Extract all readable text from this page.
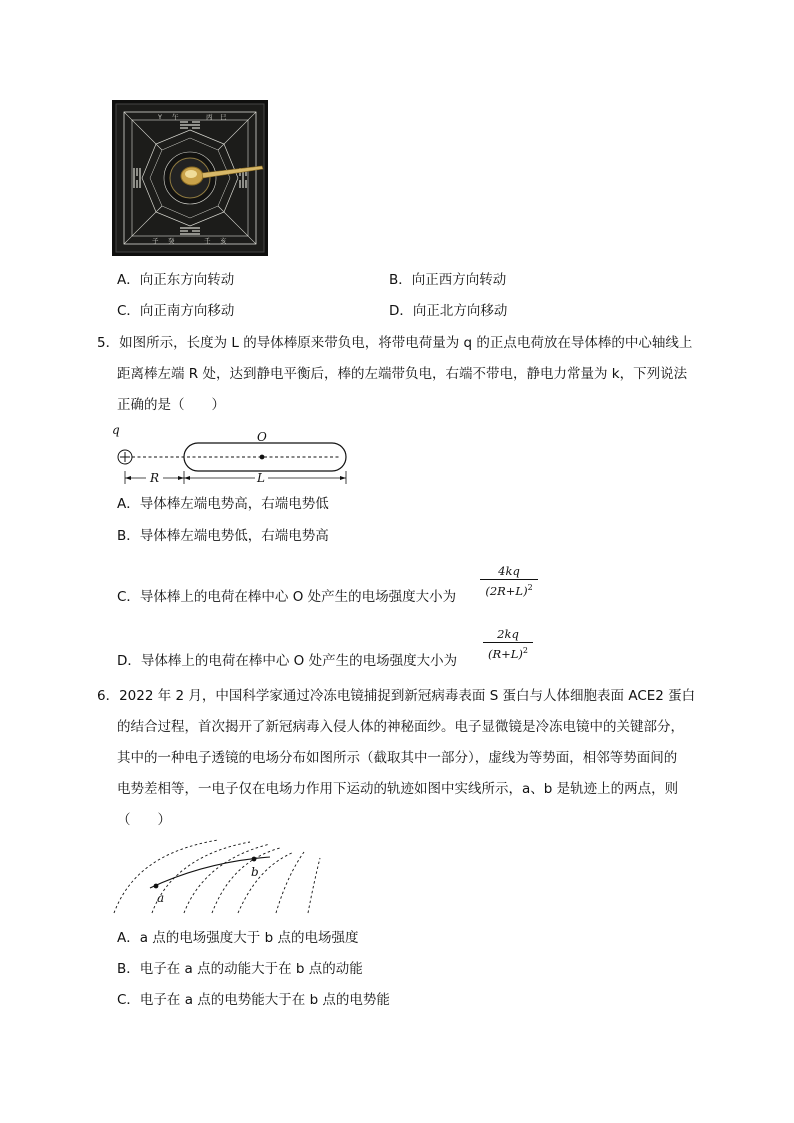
Y 午	丙 巳
子 癸	壬 亥
A．向正东方向转动	B．向正西方向转动
C．向正南方向移动	D．向正北方向移动
5．如图所示，长度为 L 的导体棒原来带负电，将带电荷量为 q 的正点电荷放在导体棒的中心轴线上
距离棒左端 R 处，达到静电平衡后，棒的左端带负电，右端不带电，静电力常量为 k，下列说法
正确的是（　　）
q	O
R	L
A．导体棒左端电势高，右端电势低
B．导体棒左端电势低，右端电势高
C．导体棒上的电荷在棒中心 O 处产生的电场强度大小为
4kq
$(2R+L)^2$
D．导体棒上的电荷在棒中心 O 处产生的电场强度大小为
2kq
$(R+L)^2$
6．2022 年 2 月，中国科学家通过冷冻电镜捕捉到新冠病毒表面 S 蛋白与人体细胞表面 ACE2 蛋白
的结合过程，首次揭开了新冠病毒入侵人体的神秘面纱。电子显微镜是冷冻电镜中的关键部分，
其中的一种电子透镜的电场分布如图所示（截取其中一部分），虚线为等势面，相邻等势面间的
电势差相等，一电子仅在电场力作用下运动的轨迹如图中实线所示，a、b 是轨迹上的两点，则
（　　）
a
b
A．a 点的电场强度大于 b 点的电场强度
B．电子在 a 点的动能大于在 b 点的动能
C．电子在 a 点的电势能大于在 b 点的电势能
